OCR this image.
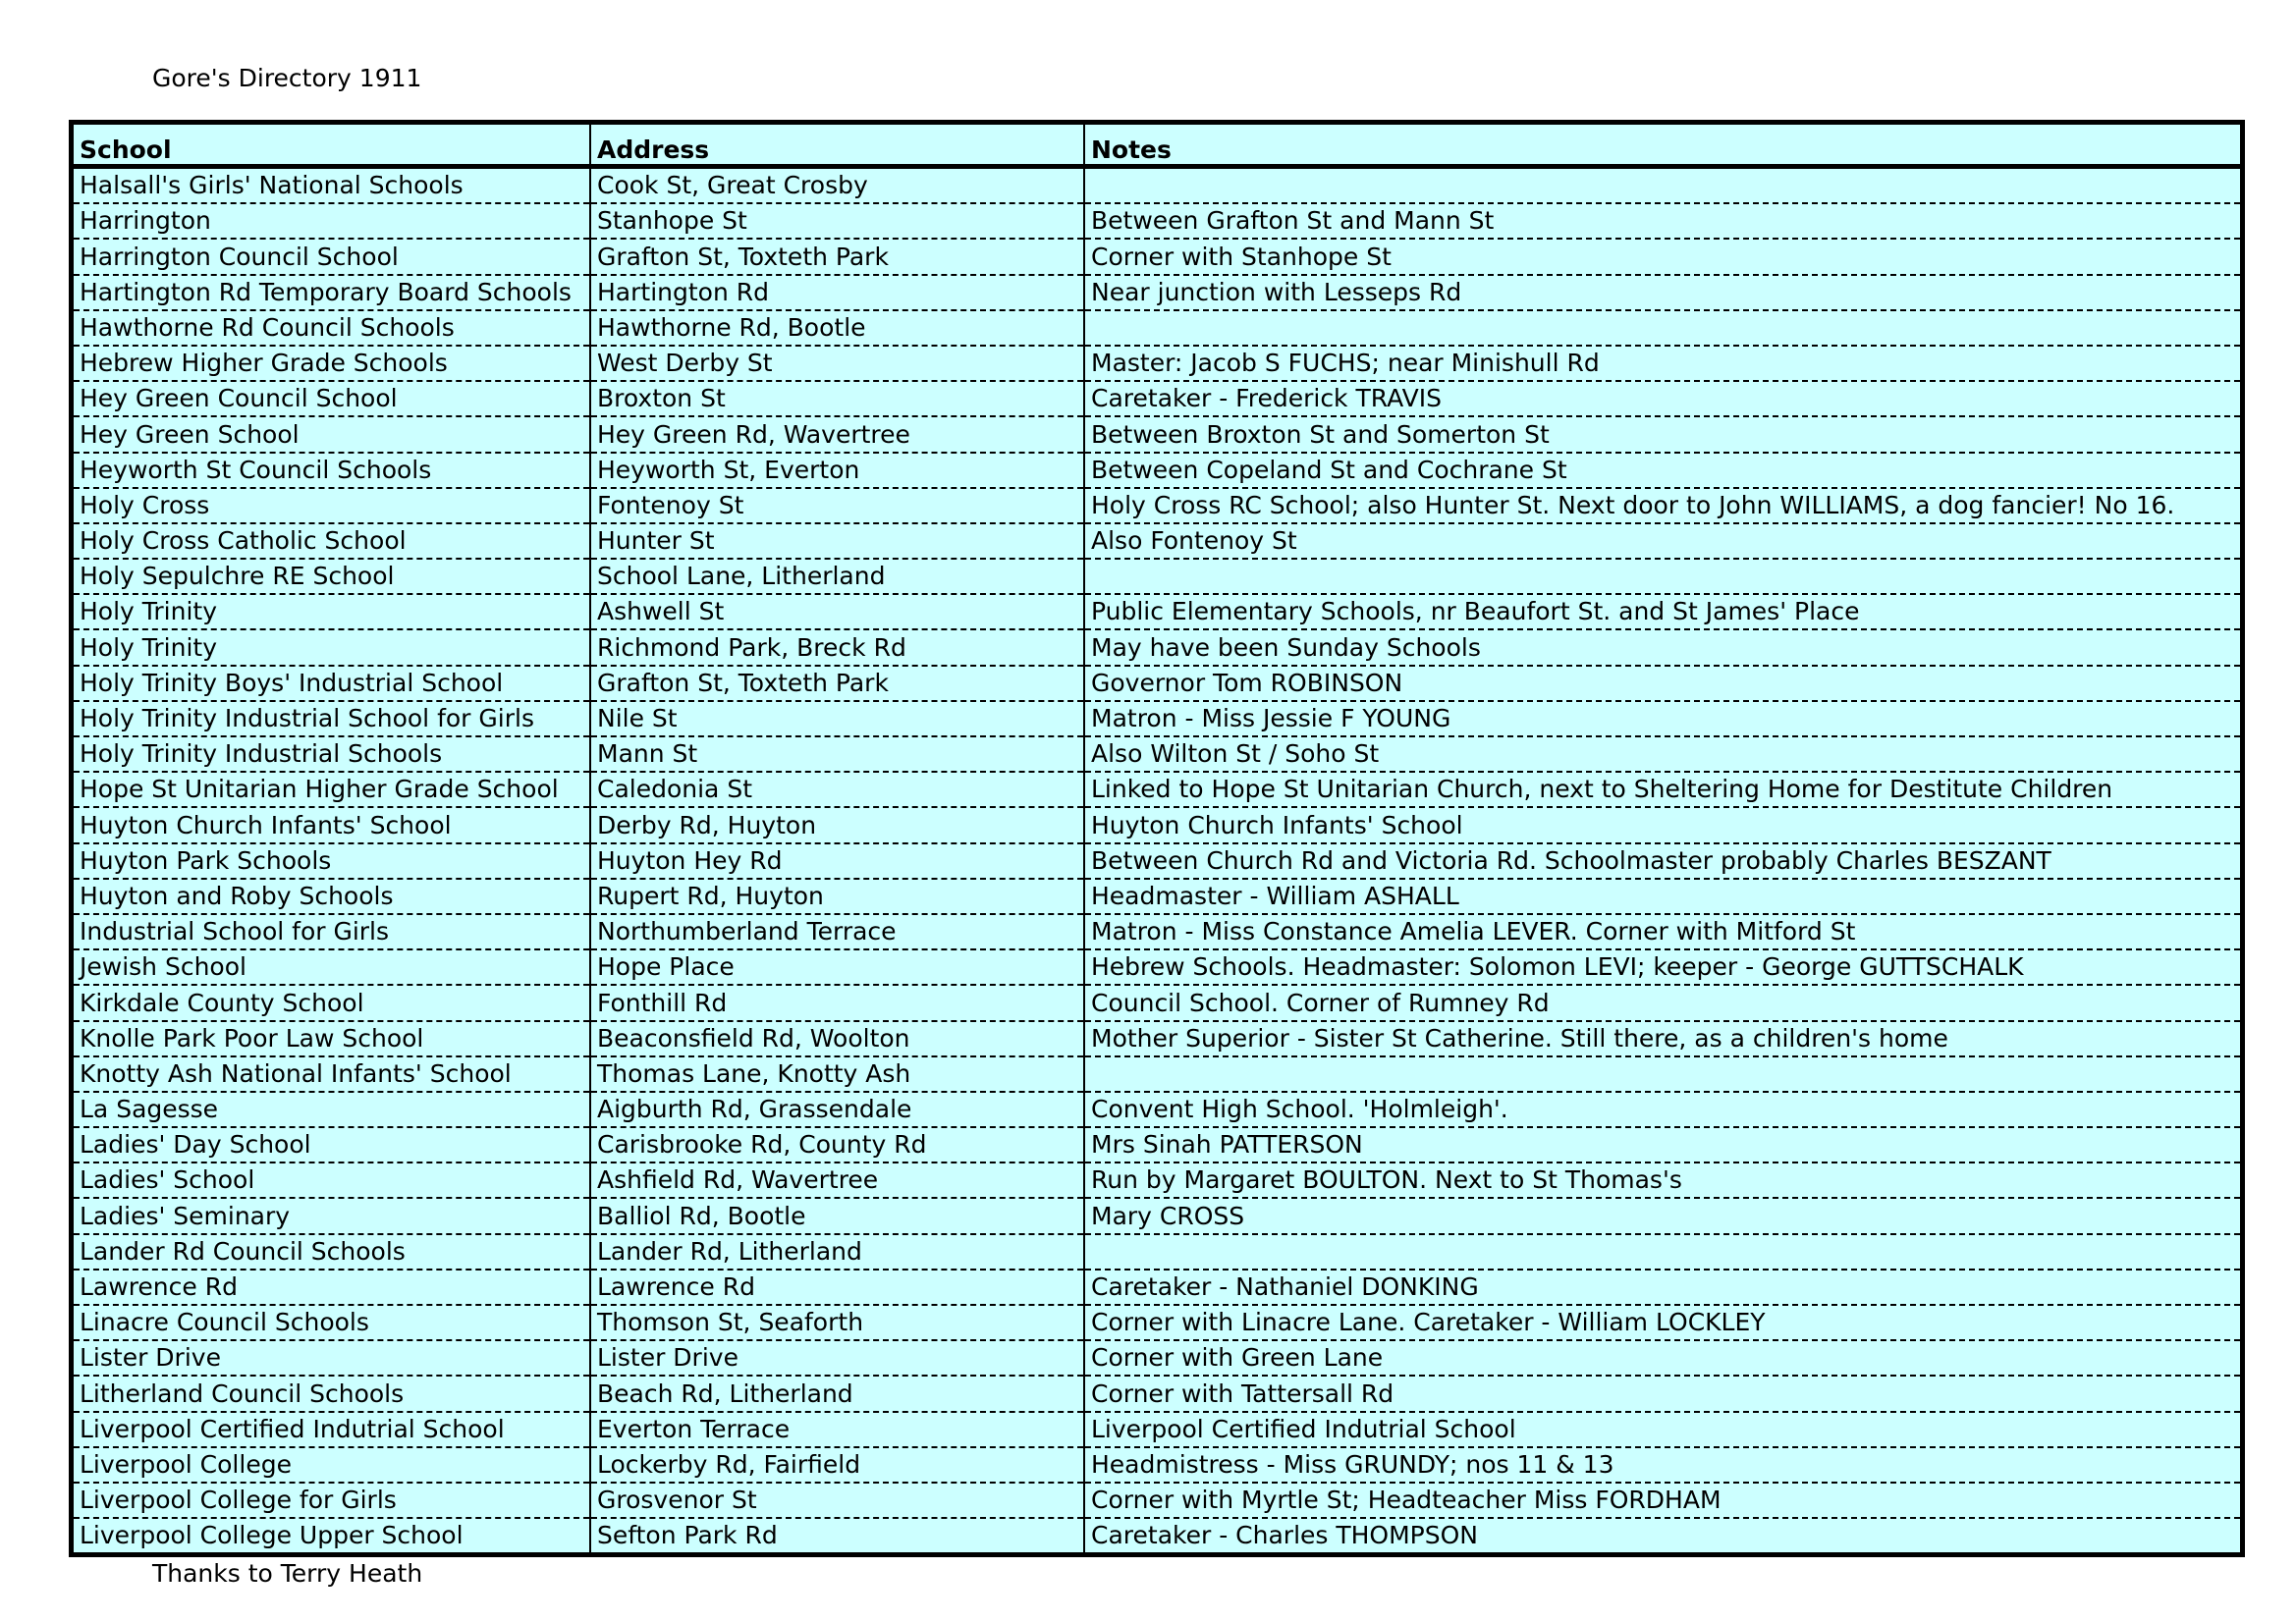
Gore's Directory 1911
School	Address	Notes
Halsall's Girls' National Schools	Cook St, Great Crosby	
Harrington	Stanhope St	Between Grafton St and Mann St
Harrington Council School	Grafton St, Toxteth Park	Corner with Stanhope St
Hartington Rd Temporary Board Schools	Hartington Rd	Near junction with Lesseps Rd
Hawthorne Rd Council Schools	Hawthorne Rd, Bootle	
Hebrew Higher Grade Schools	West Derby St	Master: Jacob S FUCHS; near Minishull Rd
Hey Green Council School	Broxton St	Caretaker - Frederick TRAVIS
Hey Green School	Hey Green Rd, Wavertree	Between Broxton St and Somerton St
Heyworth St Council Schools	Heyworth St, Everton	Between Copeland St and Cochrane St
Holy Cross	Fontenoy St	Holy Cross RC School; also Hunter St. Next door to John WILLIAMS, a dog fancier! No 16.
Holy Cross Catholic School	Hunter St	Also Fontenoy St
Holy Sepulchre RE School	School Lane, Litherland	
Holy Trinity	Ashwell St	Public Elementary Schools, nr Beaufort St. and St James' Place
Holy Trinity	Richmond Park, Breck Rd	May have been Sunday Schools
Holy Trinity Boys' Industrial School	Grafton St, Toxteth Park	Governor Tom ROBINSON
Holy Trinity Industrial School for Girls	Nile St	Matron - Miss Jessie F YOUNG
Holy Trinity Industrial Schools	Mann St	Also Wilton St / Soho St
Hope St Unitarian Higher Grade School	Caledonia St	Linked to Hope St Unitarian Church, next to Sheltering Home for Destitute Children
Huyton Church Infants' School	Derby Rd, Huyton	Huyton Church Infants' School
Huyton Park Schools	Huyton Hey Rd	Between Church Rd and Victoria Rd. Schoolmaster probably Charles BESZANT
Huyton and Roby Schools	Rupert Rd, Huyton	Headmaster - William ASHALL
Industrial School for Girls	Northumberland Terrace	Matron - Miss Constance Amelia LEVER. Corner with Mitford St
Jewish School	Hope Place	Hebrew Schools. Headmaster: Solomon LEVI; keeper - George GUTTSCHALK
Kirkdale County School	Fonthill Rd	Council School. Corner of Rumney Rd
Knolle Park Poor Law School	Beaconsfield Rd, Woolton	Mother Superior - Sister St Catherine. Still there, as a children's home
Knotty Ash National Infants' School	Thomas Lane, Knotty Ash	
La Sagesse	Aigburth Rd, Grassendale	Convent High School. 'Holmleigh'.
Ladies' Day School	Carisbrooke Rd, County Rd	Mrs Sinah PATTERSON
Ladies' School	Ashfield Rd, Wavertree	Run by Margaret BOULTON. Next to St Thomas's
Ladies' Seminary	Balliol Rd, Bootle	Mary CROSS
Lander Rd Council Schools	Lander Rd, Litherland	
Lawrence Rd	Lawrence Rd	Caretaker - Nathaniel DONKING
Linacre Council Schools	Thomson St, Seaforth	Corner with Linacre Lane. Caretaker - William LOCKLEY
Lister Drive	Lister Drive	Corner with Green Lane
Litherland Council Schools	Beach Rd, Litherland	Corner with Tattersall Rd
Liverpool Certified Indutrial School	Everton Terrace	Liverpool Certified Indutrial School
Liverpool College	Lockerby Rd, Fairfield	Headmistress - Miss GRUNDY; nos 11 & 13
Liverpool College for Girls	Grosvenor St	Corner with Myrtle St; Headteacher Miss FORDHAM
Liverpool College Upper School	Sefton Park Rd	Caretaker - Charles THOMPSON
Thanks to Terry Heath
